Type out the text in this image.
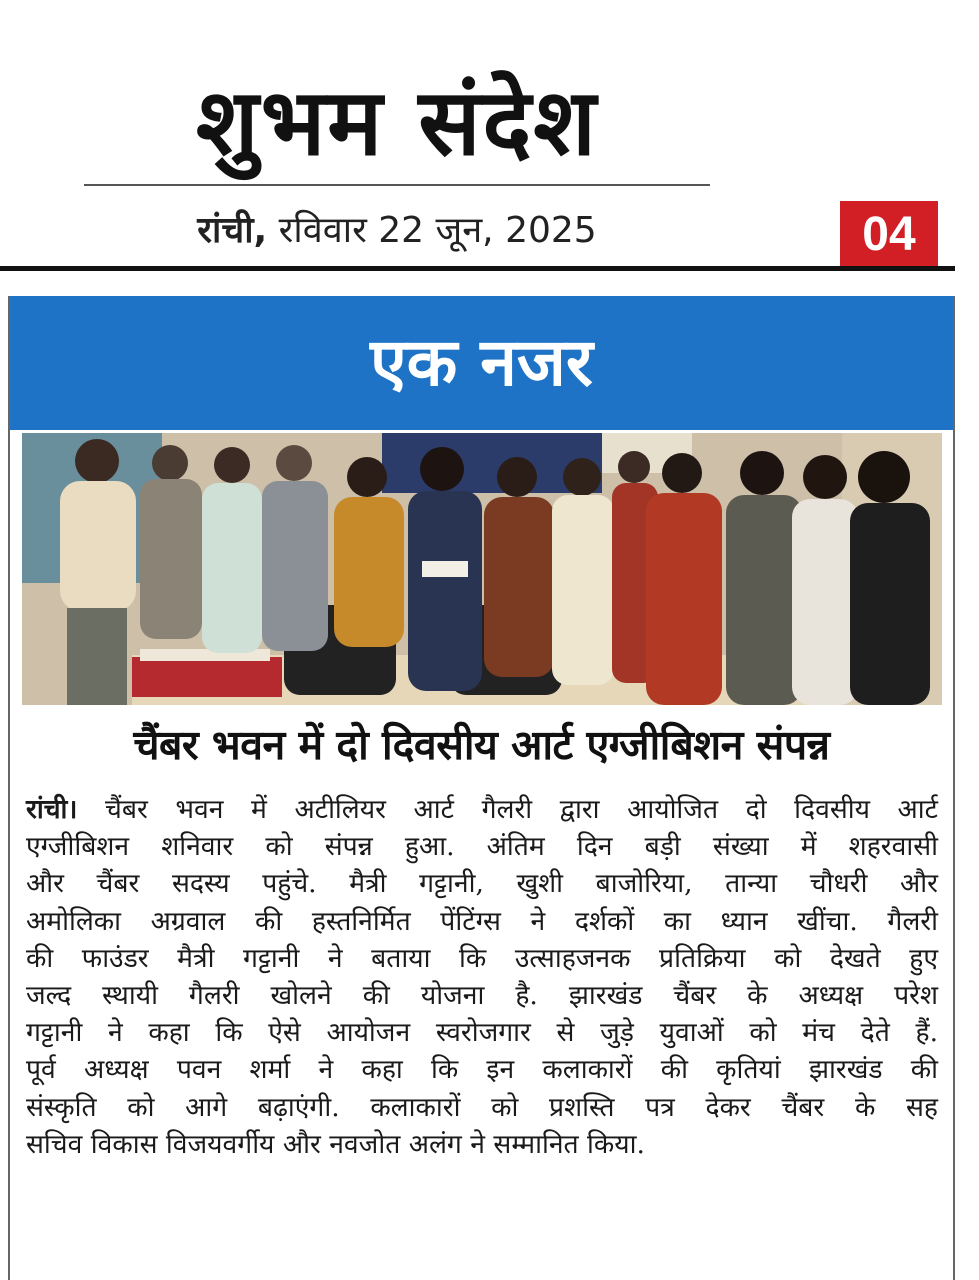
शुभम संदेश
रांची, रविवार 22 जून, 2025	04
एक नजर
चैंबर भवन में दो दिवसीय आर्ट एग्जीबिशन संपन्न
रांची। चैंबर भवन में अटीलियर आर्ट गैलरी द्वारा आयोजित दो दिवसीय आर्ट
एग्जीबिशन शनिवार को संपन्न हुआ. अंतिम दिन बड़ी संख्या में शहरवासी
और चैंबर सदस्य पहुंचे. मैत्री गट्टानी, खुशी बाजोरिया, तान्या चौधरी और
अमोलिका अग्रवाल की हस्तनिर्मित पेंटिंग्स ने दर्शकों का ध्यान खींचा. गैलरी
की फाउंडर मैत्री गट्टानी ने बताया कि उत्साहजनक प्रतिक्रिया को देखते हुए
जल्द स्थायी गैलरी खोलने की योजना है. झारखंड चैंबर के अध्यक्ष परेश
गट्टानी ने कहा कि ऐसे आयोजन स्वरोजगार से जुड़े युवाओं को मंच देते हैं.
पूर्व अध्यक्ष पवन शर्मा ने कहा कि इन कलाकारों की कृतियां झारखंड की
संस्कृति को आगे बढ़ाएंगी. कलाकारों को प्रशस्ति पत्र देकर चैंबर के सह
सचिव विकास विजयवर्गीय और नवजोत अलंग ने सम्मानित किया.
